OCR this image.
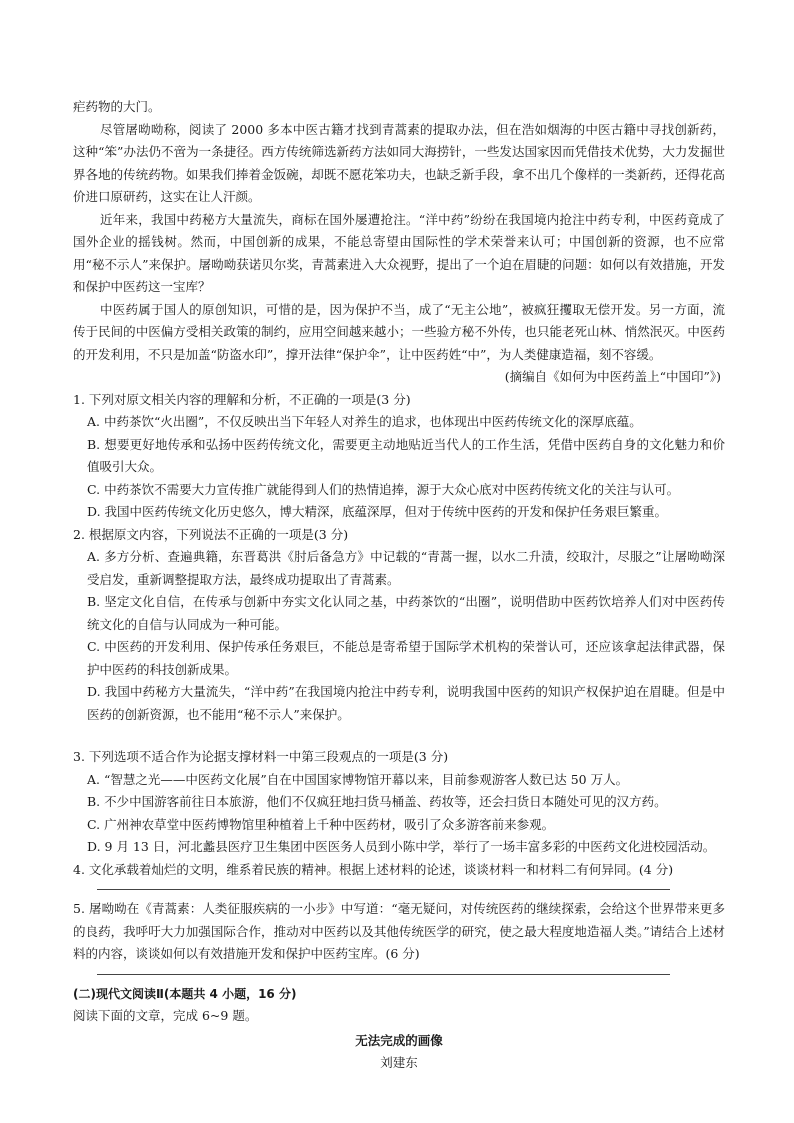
疟药物的大门。

尽管屠呦呦称，阅读了 2000 多本中医古籍才找到青蒿素的提取办法，但在浩如烟海的中医古籍中寻找创新药，这种“笨”办法仍不啻为一条捷径。西方传统筛选新药方法如同大海捞针，一些发达国家因而凭借技术优势，大力发掘世界各地的传统药物。如果我们捧着金饭碗，却既不愿花笨功夫，也缺乏新手段，拿不出几个像样的一类新药，还得花高价进口原研药，这实在让人汗颜。

近年来，我国中药秘方大量流失，商标在国外屡遭抢注。“洋中药”纷纷在我国境内抢注中药专利，中医药竟成了国外企业的摇钱树。然而，中国创新的成果，不能总寄望由国际性的学术荣誉来认可；中国创新的资源，也不应常用“秘不示人”来保护。屠呦呦获诺贝尔奖，青蒿素进入大众视野，提出了一个迫在眉睫的问题：如何以有效措施，开发和保护中医药这一宝库？

中医药属于国人的原创知识，可惜的是，因为保护不当，成了“无主公地”，被疯狂攫取无偿开发。另一方面，流传于民间的中医偏方受相关政策的制约，应用空间越来越小；一些验方秘不外传，也只能老死山林、悄然泯灭。中医药的开发利用，不只是加盖“防盗水印”，撑开法律“保护伞”，让中医药姓“中”，为人类健康造福，刻不容缓。

(摘编自《如何为中医药盖上“中国印”》)

1. 下列对原文相关内容的理解和分析，不正确的一项是(3 分)

A. 中药茶饮“火出圈”，不仅反映出当下年轻人对养生的追求，也体现出中医药传统文化的深厚底蕴。

B. 想要更好地传承和弘扬中医药传统文化，需要更主动地贴近当代人的工作生活，凭借中医药自身的文化魅力和价值吸引大众。

C. 中药茶饮不需要大力宣传推广就能得到人们的热情追捧，源于大众心底对中医药传统文化的关注与认可。

D. 我国中医药传统文化历史悠久，博大精深，底蕴深厚，但对于传统中医药的开发和保护任务艰巨繁重。

2. 根据原文内容，下列说法不正确的一项是(3 分)

A. 多方分析、查遍典籍，东晋葛洪《肘后备急方》中记载的“青蒿一握，以水二升渍，绞取汁，尽服之”让屠呦呦深受启发，重新调整提取方法，最终成功提取出了青蒿素。

B. 坚定文化自信，在传承与创新中夯实文化认同之基，中药茶饮的“出圈”，说明借助中医药饮培养人们对中医药传统文化的自信与认同成为一种可能。

C. 中医药的开发利用、保护传承任务艰巨，不能总是寄希望于国际学术机构的荣誉认可，还应该拿起法律武器，保护中医药的科技创新成果。

D. 我国中药秘方大量流失，“洋中药”在我国境内抢注中药专利，说明我国中医药的知识产权保护迫在眉睫。但是中医药的创新资源，也不能用“秘不示人”来保护。

3. 下列选项不适合作为论据支撑材料一中第三段观点的一项是(3 分)

A. “智慧之光——中医药文化展”自在中国国家博物馆开幕以来，目前参观游客人数已达 50 万人。

B. 不少中国游客前往日本旅游，他们不仅疯狂地扫货马桶盖、药妆等，还会扫货日本随处可见的汉方药。

C. 广州神农草堂中医药博物馆里种植着上千种中医药材，吸引了众多游客前来参观。

D. 9 月 13 日，河北蠡县医疗卫生集团中医医务人员到小陈中学，举行了一场丰富多彩的中医药文化进校园活动。

4. 文化承载着灿烂的文明，维系着民族的精神。根据上述材料的论述，谈谈材料一和材料二有何异同。(4 分)

5. 屠呦呦在《青蒿素：人类征服疾病的一小步》中写道：“毫无疑问，对传统医药的继续探索，会给这个世界带来更多的良药，我呼吁大力加强国际合作，推动对中医药以及其他传统医学的研究，使之最大程度地造福人类。”请结合上述材料的内容，谈谈如何以有效措施开发和保护中医药宝库。(6 分)

(二)现代文阅读Ⅱ(本题共 4 小题，16 分)

阅读下面的文章，完成 6~9 题。

无法完成的画像

刘建东
